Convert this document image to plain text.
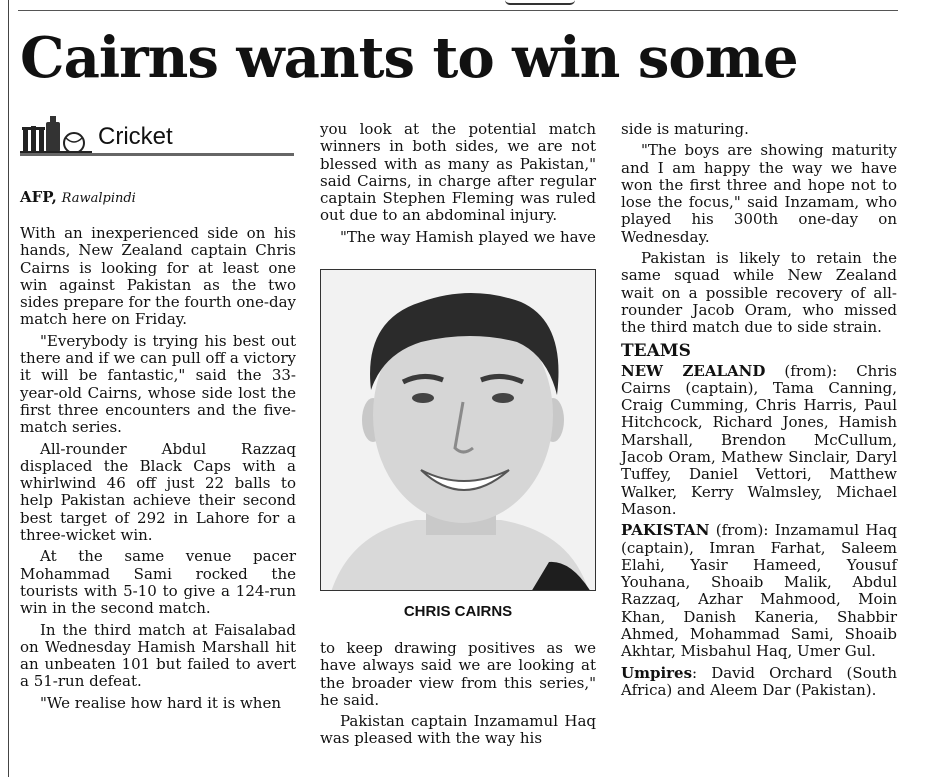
Cairns wants to win some
Cricket
AFP, Rawalpindi

With an inexperienced side on his hands, New Zealand captain Chris Cairns is looking for at least one win against Pakistan as the two sides prepare for the fourth one-day match here on Friday.

"Everybody is trying his best out there and if we can pull off a victory it will be fantastic," said the 33-year-old Cairns, whose side lost the first three encounters and the five-match series.

All-rounder Abdul Razzaq displaced the Black Caps with a whirlwind 46 off just 22 balls to help Pakistan achieve their second best target of 292 in Lahore for a three-wicket win.

At the same venue pacer Mohammad Sami rocked the tourists with 5-10 to give a 124-run win in the second match.

In the third match at Faisalabad on Wednesday Hamish Marshall hit an unbeaten 101 but failed to avert a 51-run defeat.

"We realise how hard it is when

you look at the potential match winners in both sides, we are not blessed with as many as Pakistan," said Cairns, in charge after regular captain Stephen Fleming was ruled out due to an abdominal injury.

"The way Hamish played we have

CHRIS CAIRNS

to keep drawing positives as we have always said we are looking at the broader view from this series," he said.

Pakistan captain Inzamamul Haq was pleased with the way his

side is maturing.

"The boys are showing maturity and I am happy the way we have won the first three and hope not to lose the focus," said Inzamam, who played his 300th one-day on Wednesday.

Pakistan is likely to retain the same squad while New Zealand wait on a possible recovery of all-rounder Jacob Oram, who missed the third match due to side strain.

TEAMS

NEW ZEALAND (from): Chris Cairns (captain), Tama Canning, Craig Cumming, Chris Harris, Paul Hitchcock, Richard Jones, Hamish Marshall, Brendon McCullum, Jacob Oram, Mathew Sinclair, Daryl Tuffey, Daniel Vettori, Matthew Walker, Kerry Walmsley, Michael Mason.

PAKISTAN (from): Inzamamul Haq (captain), Imran Farhat, Saleem Elahi, Yasir Hameed, Yousuf Youhana, Shoaib Malik, Abdul Razzaq, Azhar Mahmood, Moin Khan, Danish Kaneria, Shabbir Ahmed, Mohammad Sami, Shoaib Akhtar, Misbahul Haq, Umer Gul.

Umpires: David Orchard (South Africa) and Aleem Dar (Pakistan).
